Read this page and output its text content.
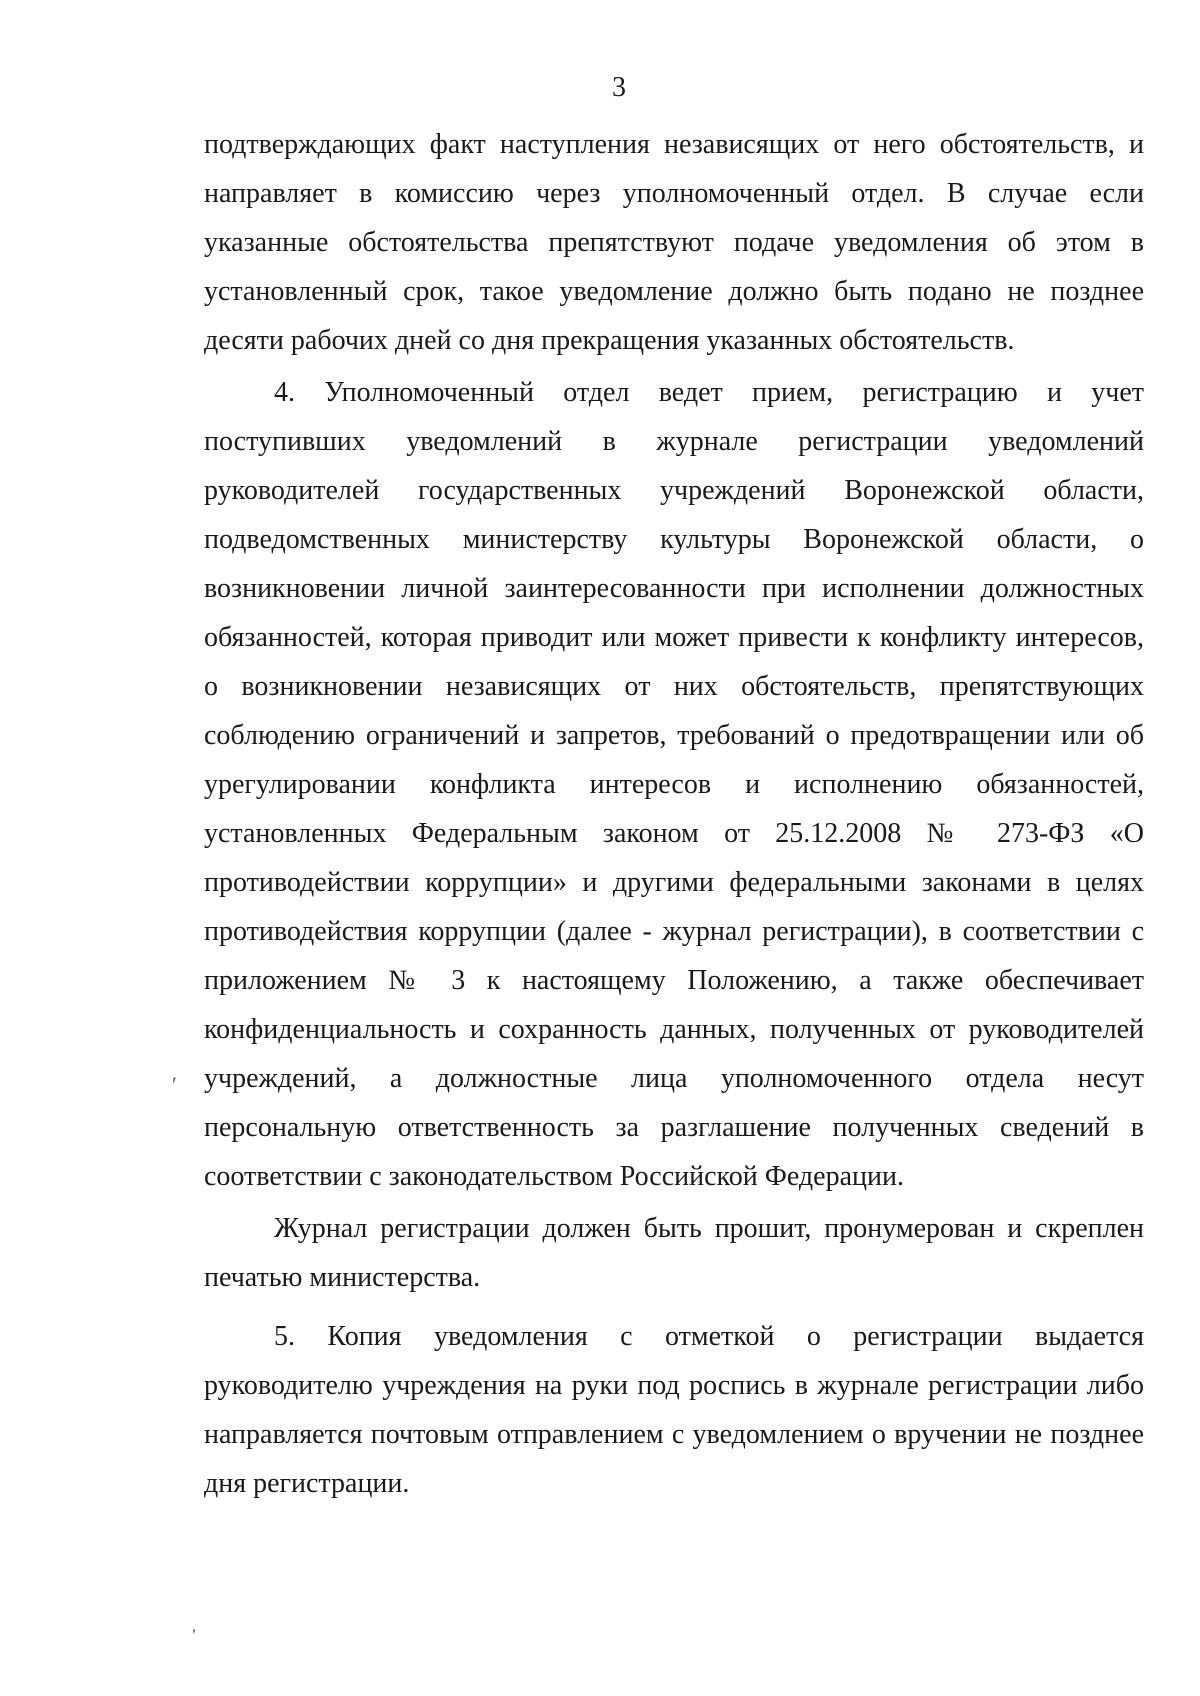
3
подтверждающих факт наступления независящих от него обстоятельств, и
направляет в комиссию через уполномоченный отдел. В случае если
указанные обстоятельства препятствуют подаче уведомления об этом в
установленный срок, такое уведомление должно быть подано не позднее
десяти рабочих дней со дня прекращения указанных обстоятельств.
4. Уполномоченный отдел ведет прием, регистрацию и учет
поступивших уведомлений в журнале регистрации уведомлений
руководителей государственных учреждений Воронежской области,
подведомственных министерству культуры Воронежской области, о
возникновении личной заинтересованности при исполнении должностных
обязанностей, которая приводит или может привести к конфликту интересов,
о возникновении независящих от них обстоятельств, препятствующих
соблюдению ограничений и запретов, требований о предотвращении или об
урегулировании конфликта интересов и исполнению обязанностей,
установленных Федеральным законом от 25.12.2008 № 273-ФЗ «О
противодействии коррупции» и другими федеральными законами в целях
противодействия коррупции (далее - журнал регистрации), в соответствии с
приложением № 3 к настоящему Положению, а также обеспечивает
конфиденциальность и сохранность данных, полученных от руководителей
учреждений, а должностные лица уполномоченного отдела несут
персональную ответственность за разглашение полученных сведений в
соответствии с законодательством Российской Федерации.
Журнал регистрации должен быть прошит, пронумерован и скреплен
печатью министерства.
5. Копия уведомления с отметкой о регистрации выдается
руководителю учреждения на руки под роспись в журнале регистрации либо
направляется почтовым отправлением с уведомлением о вручении не позднее
дня регистрации.
′
,
